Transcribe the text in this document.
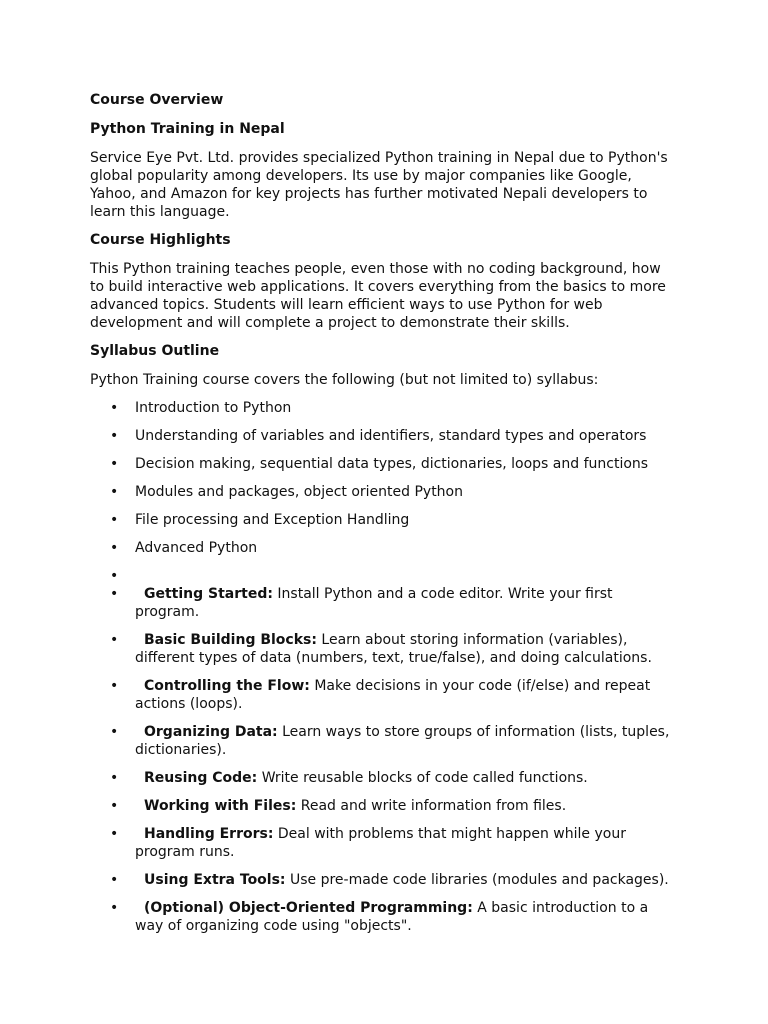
Course Overview
Python Training in Nepal
Service Eye Pvt. Ltd. provides specialized Python training in Nepal due to Python's global popularity among developers. Its use by major companies like Google, Yahoo, and Amazon for key projects has further motivated Nepali developers to learn this language.
Course Highlights
This Python training teaches people, even those with no coding background, how to build interactive web applications. It covers everything from the basics to more advanced topics. Students will learn efficient ways to use Python for web development and will complete a project to demonstrate their skills.
Syllabus Outline
Python Training course covers the following (but not limited to) syllabus:
• Introduction to Python
• Understanding of variables and identifiers, standard types and operators
• Decision making, sequential data types, dictionaries, loops and functions
• Modules and packages, object oriented Python
• File processing and Exception Handling
• Advanced Python
•
• Getting Started: Install Python and a code editor. Write your first program.
• Basic Building Blocks: Learn about storing information (variables), different types of data (numbers, text, true/false), and doing calculations.
• Controlling the Flow: Make decisions in your code (if/else) and repeat actions (loops).
• Organizing Data: Learn ways to store groups of information (lists, tuples, dictionaries).
• Reusing Code: Write reusable blocks of code called functions.
• Working with Files: Read and write information from files.
• Handling Errors: Deal with problems that might happen while your program runs.
• Using Extra Tools: Use pre-made code libraries (modules and packages).
• (Optional) Object-Oriented Programming: A basic introduction to a way of organizing code using "objects".
